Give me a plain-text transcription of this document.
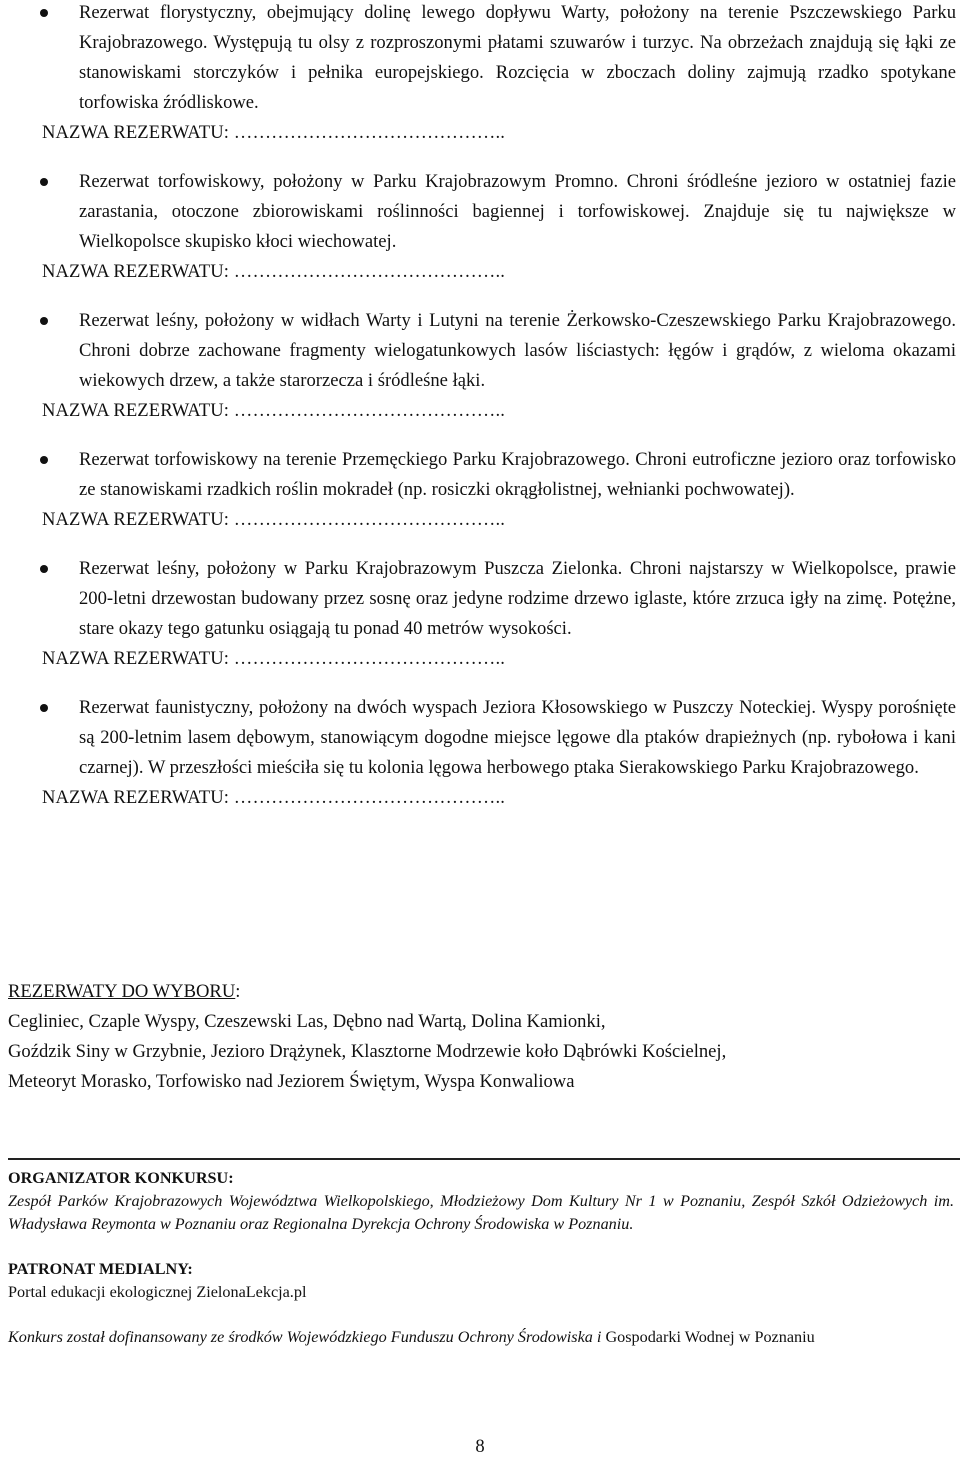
Rezerwat florystyczny, obejmujący dolinę lewego dopływu Warty, położony na terenie Pszczewskiego Parku Krajobrazowego. Występują tu olsy z rozproszonymi płatami szuwarów i turzyc. Na obrzeżach znajdują się łąki ze stanowiskami storczyków i pełnika europejskiego. Rozcięcia w zboczach doliny zajmują rzadko spotykane torfowiska źródliskowe.
NAZWA REZERWATU: ……………………………………..
Rezerwat torfowiskowy, położony w Parku Krajobrazowym Promno. Chroni śródleśne jezioro w ostatniej fazie zarastania, otoczone zbiorowiskami roślinności bagiennej i torfowiskowej. Znajduje się tu największe w Wielkopolsce skupisko kłoci wiechowatej.
NAZWA REZERWATU: ……………………………………..
Rezerwat leśny, położony w widłach Warty i Lutyni na terenie Żerkowsko-Czeszewskiego Parku Krajobrazowego. Chroni dobrze zachowane fragmenty wielogatunkowych lasów liściastych: łęgów i grądów, z wieloma okazami wiekowych drzew, a także starorzecza i śródleśne łąki.
NAZWA REZERWATU: ……………………………………..
Rezerwat torfowiskowy na terenie Przemęckiego Parku Krajobrazowego. Chroni eutroficzne jezioro oraz torfowisko ze stanowiskami rzadkich roślin mokradeł (np. rosiczki okrągłolistnej, wełnianki pochwowatej).
NAZWA REZERWATU: ……………………………………..
Rezerwat leśny, położony w Parku Krajobrazowym Puszcza Zielonka. Chroni najstarszy w Wielkopolsce, prawie 200-letni drzewostan budowany przez sosnę oraz jedyne rodzime drzewo iglaste, które zrzuca igły na zimę. Potężne, stare okazy tego gatunku osiągają tu ponad 40 metrów wysokości.
NAZWA REZERWATU: ……………………………………..
Rezerwat faunistyczny, położony na dwóch wyspach Jeziora Kłosowskiego w Puszczy Noteckiej. Wyspy porośnięte są 200-letnim lasem dębowym, stanowiącym dogodne miejsce lęgowe dla ptaków drapieżnych (np. rybołowa i kani czarnej). W przeszłości mieściła się tu kolonia lęgowa herbowego ptaka Sierakowskiego Parku Krajobrazowego.
NAZWA REZERWATU: ……………………………………..
REZERWATY DO WYBORU:
Cegliniec, Czaple Wyspy, Czeszewski Las, Dębno nad Wartą, Dolina Kamionki,
Goździk Siny w Grzybnie, Jezioro Drążynek, Klasztorne Modrzewie koło Dąbrówki Kościelnej,
Meteoryt Morasko, Torfowisko nad Jeziorem Świętym, Wyspa Konwaliowa
ORGANIZATOR KONKURSU:
Zespół Parków Krajobrazowych Województwa Wielkopolskiego, Młodzieżowy Dom Kultury Nr 1 w Poznaniu, Zespół Szkół Odzieżowych im. Władysława Reymonta w Poznaniu oraz Regionalna Dyrekcja Ochrony Środowiska w Poznaniu.
PATRONAT MEDIALNY:
Portal edukacji ekologicznej ZielonaLekcja.pl
Konkurs został dofinansowany ze środków Wojewódzkiego Funduszu Ochrony Środowiska i Gospodarki Wodnej w Poznaniu
8
